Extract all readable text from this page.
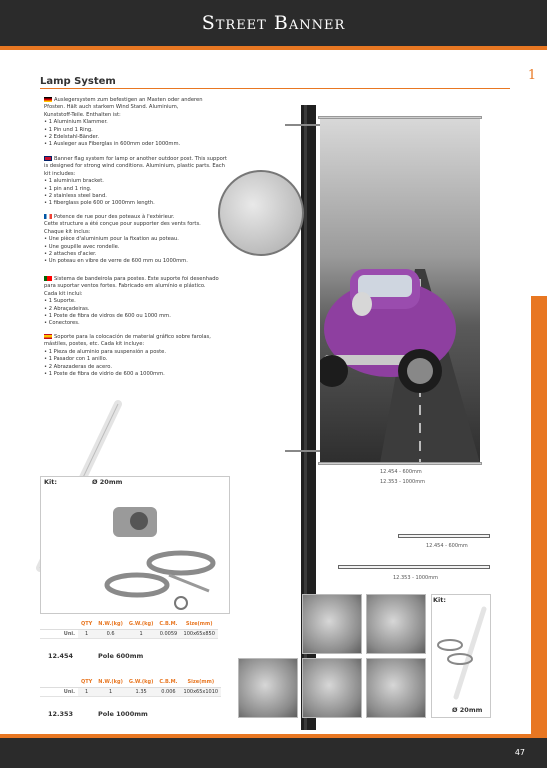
Street Banner
1
Lamp System
Auslegersystem zum befestigen an Masten oder anderen
Pfosten. Hält auch starkem Wind Stand. Aluminium,
Kunststoff-Teile. Enthalten ist:
• 1 Aluminium Klammer.
• 1 Pin und 1 Ring.
• 2 Edelstahl-Bänder.
• 1 Ausleger aus Fiberglas in 600mm oder 1000mm.
Banner flag system for lamp or another outdoor post. This support
is designed for strong wind conditions. Aluminium, plastic parts. Each
kit includes:
• 1 aluminium bracket.
• 1 pin and 1 ring.
• 2 stainless steel band.
• 1 fiberglass pole 600 or 1000mm length.
Potence de rue pour des poteaux à l'extérieur.
Cette structure a été conçue pour supporter des vents forts.
Chaque kit inclus:
• Une pièce d'aluminium pour la fixation au poteau.
• Une goupille avec rondelle.
• 2 attaches d'acier.
• Un poteau en vibre de verre de 600 mm ou 1000mm.
Sistema de bandeirola para postes. Este suporte foi desenhado
para suportar ventos fortes. Fabricado em alumínio e plástico.
Cada kit inclui:
• 1 Suporte.
• 2 Abraçadeiras.
• 1 Poste de fibra de vidros de 600 ou 1000 mm.
• Conectores.
Soporte para la colocación de material gráfico sobre farolas,
mástiles, postes, etc. Cada kit incluye:
• 1 Pieza de aluminio para suspensión a poste.
• 1 Pasador con 1 anillo.
• 2 Abrazaderas de acero.
• 1 Poste de fibra de vidrio de 600 a 1000mm.
12.454 - 600mm
12.353 - 1000mm
12.454 - 600mm
12.353 - 1000mm
Kit:	Ø 20mm
	QTY	N.W.(kg)	G.W.(kg)	C.B.M.	Size(mm)
Uni.	1	0.6	1	0.0059	100x65x850
12.454	Pole 600mm
	QTY	N.W.(kg)	G.W.(kg)	C.B.M.	Size(mm)
Uni.	1	1	1.35	0.006	100x65x1010
12.353	Pole 1000mm
Kit:
Ø 20mm
47
